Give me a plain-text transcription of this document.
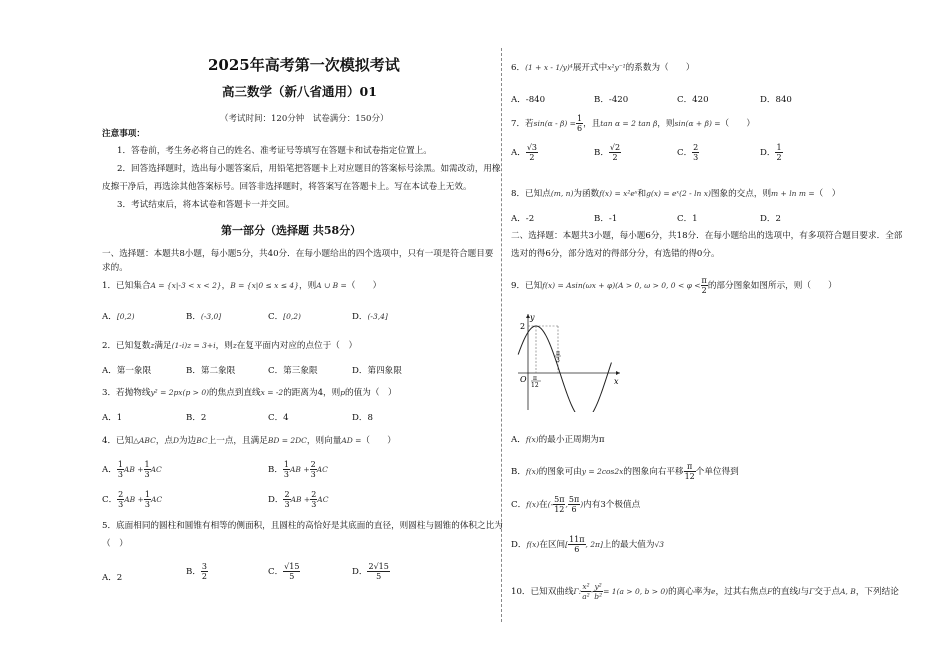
2025年高考第一次模拟考试
高三数学（新八省通用）01
（考试时间：120分钟　试卷满分：150分）
注意事项：
1．答卷前，考生务必将自己的姓名、准考证号等填写在答题卡和试卷指定位置上。
2．回答选择题时，选出每小题答案后，用铅笔把答题卡上对应题目的答案标号涂黑。如需改动，用橡
皮擦干净后，再选涂其他答案标号。回答非选择题时，将答案写在答题卡上。写在本试卷上无效。
3．考试结束后，将本试卷和答题卡一并交回。
第一部分（选择题 共58分）
一、选择题：本题共8小题，每小题5分，共40分．在每小题给出的四个选项中，只有一项是符合题目要
求的。
1．已知集合A = {x|-3 < x < 2}，B = {x|0 ≤ x ≤ 4}，则A ∪ B =（　　）
A．[0,2)	B．(-3,0]	C．[0,2)	D．(-3,4]
2．已知复数z满足(1-i)z = 3+i，则z在复平面内对应的点位于（　）
A．第一象限	B．第二象限	C．第三象限	D．第四象限
3．若抛物线y² = 2px(p > 0)的焦点到直线x = -2的距离为4，则p的值为（　）
A．1	B．2	C．4	D．8
4．已知△ABC，点D为边BC上一点，且满足BD = 2DC，则向量AD =（　　）
A． $\frac{1}{3}$ AB + $\frac{1}{3}$ AC	B． $\frac{1}{3}$ AB + $\frac{2}{3}$ AC
C． $\frac{2}{3}$ AB + $\frac{1}{3}$ AC	D． $\frac{2}{3}$ AB + $\frac{2}{3}$ AC
5．底面相同的圆柱和圆锥有相等的侧面积，且圆柱的高恰好是其底面的直径，则圆柱与圆锥的体积之比为
（　）
A．2
B． $\frac{3}{2}$	C． $\frac{√15}{5}$	D． $\frac{2√15}{5}$
6．(1 + x - 1/y)⁴展开式中x²y⁻¹的系数为（　　）
A．-840	B．-420	C．420	D．840
7．若$\sin(\alpha - \beta) = \frac{1}{6}$ ，且tan α = 2 tan β，则sin(α + β) =（　　）
A． $\frac{√3}{2}$	B． $\frac{√2}{2}$	C． $\frac{2}{3}$	D． $\frac{1}{2}$
8．已知点(m, n)为函数f(x) = x²eˣ和g(x) = eˣ(2 - ln x)图象的交点，则m + ln m =（　）
A．-2	B．-1	C．1	D．2
二、选择题：本题共3小题，每小题6分，共18分．在每小题给出的选项中，有多项符合题目要求．全部
选对的得6分，部分选对的得部分分，有选错的得0分。
9．已知f(x) = Asin(ωx + φ)(A > 0, ω > 0, $0 < \varphi < \frac{\pi}{2}$ 的部分图象如图所示，则（　　）
y
x
O
2
π
12
π
3
A．f(x)的最小正周期为π
B．f(x)的图象可由y = 2cos2x的图象向右平移 $\frac{\pi}{12}$ 个单位得到
C．f(x)在(- $\frac{5\pi}{12}$ , $\frac{5\pi}{6}$ )内有3个极值点
D．f(x)在区间[ $\frac{11\pi}{6}$ , 2π]上的最大值为√3
10．已知双曲线Γ: $\frac{\text{x²}}{\text{a²}} - \frac{\text{y²}}{\text{b²}} = 1(a > 0$, b > 0)的离心率为e，过其右焦点F的直线l与Γ交于点A, B，下列结论
